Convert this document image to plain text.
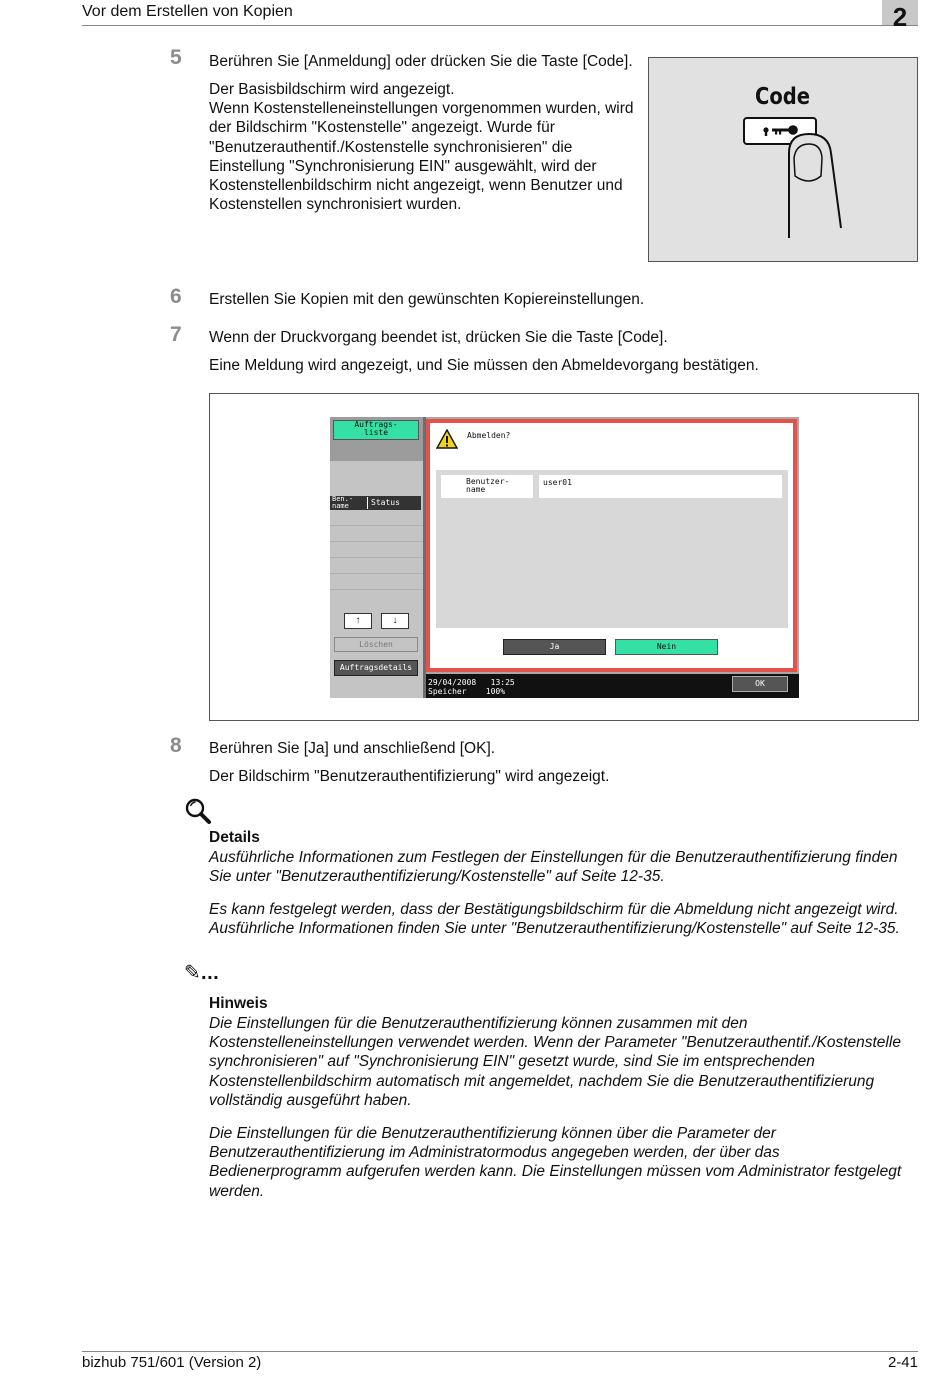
Vor dem Erstellen von Kopien	2
5 Berühren Sie [Anmeldung] oder drücken Sie die Taste [Code].
Der Basisbildschirm wird angezeigt.
Wenn Kostenstelleneinstellungen vorgenommen wurden, wird
der Bildschirm "Kostenstelle" angezeigt. Wurde für
"Benutzerauthentif./Kostenstelle synchronisieren" die
Einstellung "Synchronisierung EIN" ausgewählt, wird der
Kostenstellenbildschirm nicht angezeigt, wenn Benutzer und
Kostenstellen synchronisiert wurden.
Code
6 Erstellen Sie Kopien mit den gewünschten Kopiereinstellungen.
7 Wenn der Druckvorgang beendet ist, drücken Sie die Taste [Code].
Eine Meldung wird angezeigt, und Sie müssen den Abmeldevorgang bestätigen.
Auftrags-
liste
Ben.-
name	Status
↑	↓
Löschen
Auftragsdetails
Abmelden?
Benutzer-
name
user01
Ja	Nein
29/04/2008 13:25
Speicher 100%
OK
8 Berühren Sie [Ja] und anschließend [OK].
Der Bildschirm "Benutzerauthentifizierung" wird angezeigt.
Details
Ausführliche Informationen zum Festlegen der Einstellungen für die Benutzerauthentifizierung finden
Sie unter "Benutzerauthentifizierung/Kostenstelle" auf Seite 12-35.
Es kann festgelegt werden, dass der Bestätigungsbildschirm für die Abmeldung nicht angezeigt wird.
Ausführliche Informationen finden Sie unter "Benutzerauthentifizierung/Kostenstelle" auf Seite 12-35.
✎...
Hinweis
Die Einstellungen für die Benutzerauthentifizierung können zusammen mit den
Kostenstelleneinstellungen verwendet werden. Wenn der Parameter "Benutzerauthentif./Kostenstelle
synchronisieren" auf "Synchronisierung EIN" gesetzt wurde, sind Sie im entsprechenden
Kostenstellenbildschirm automatisch mit angemeldet, nachdem Sie die Benutzerauthentifizierung
vollständig ausgeführt haben.
Die Einstellungen für die Benutzerauthentifizierung können über die Parameter der
Benutzerauthentifizierung im Administratormodus angegeben werden, der über das
Bedienerprogramm aufgerufen werden kann. Die Einstellungen müssen vom Administrator festgelegt
werden.
bizhub 751/601 (Version 2)	2-41
